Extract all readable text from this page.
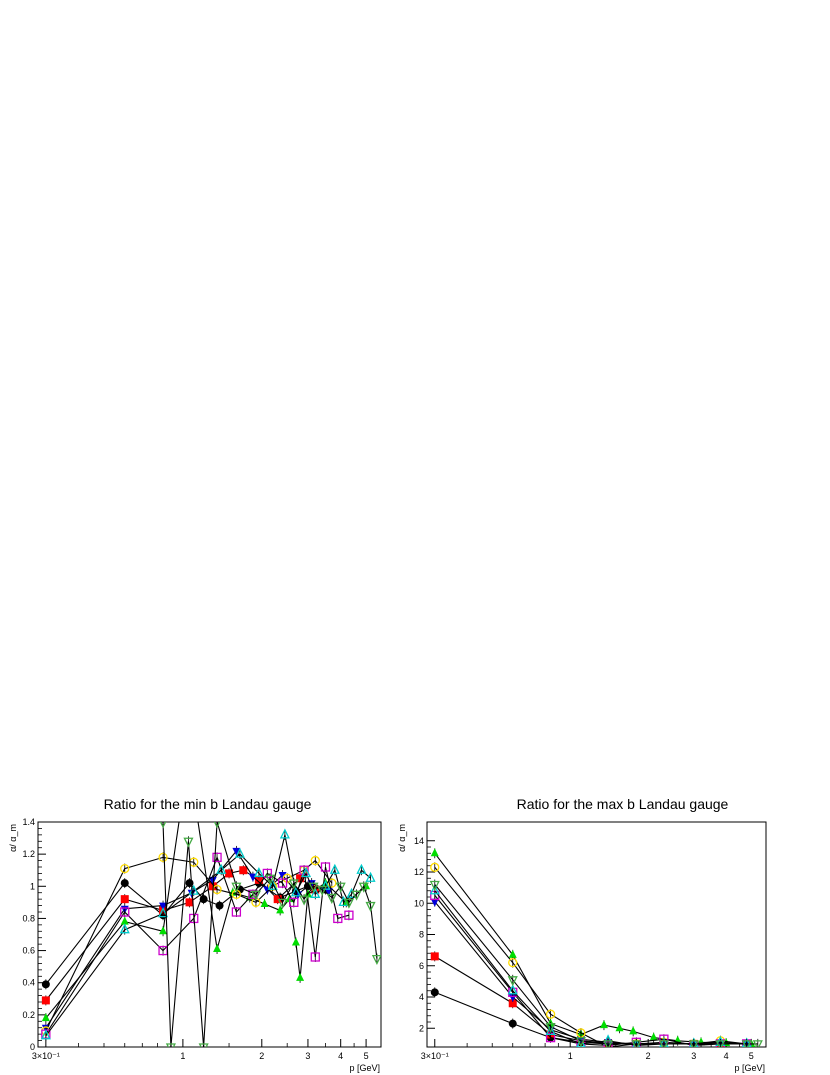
Ratio for the min b Landau gauge
0
0.2
0.4
0.6
0.8
1
1.2
1.4
3×10⁻¹	1	2	3	4 5
p [GeV]
α/ α_m
Ratio for the max b Landau gauge
2
4
6
8
10
12
14
3×10⁻¹	1	2	3	4 5
p [GeV]
α/ α_m
